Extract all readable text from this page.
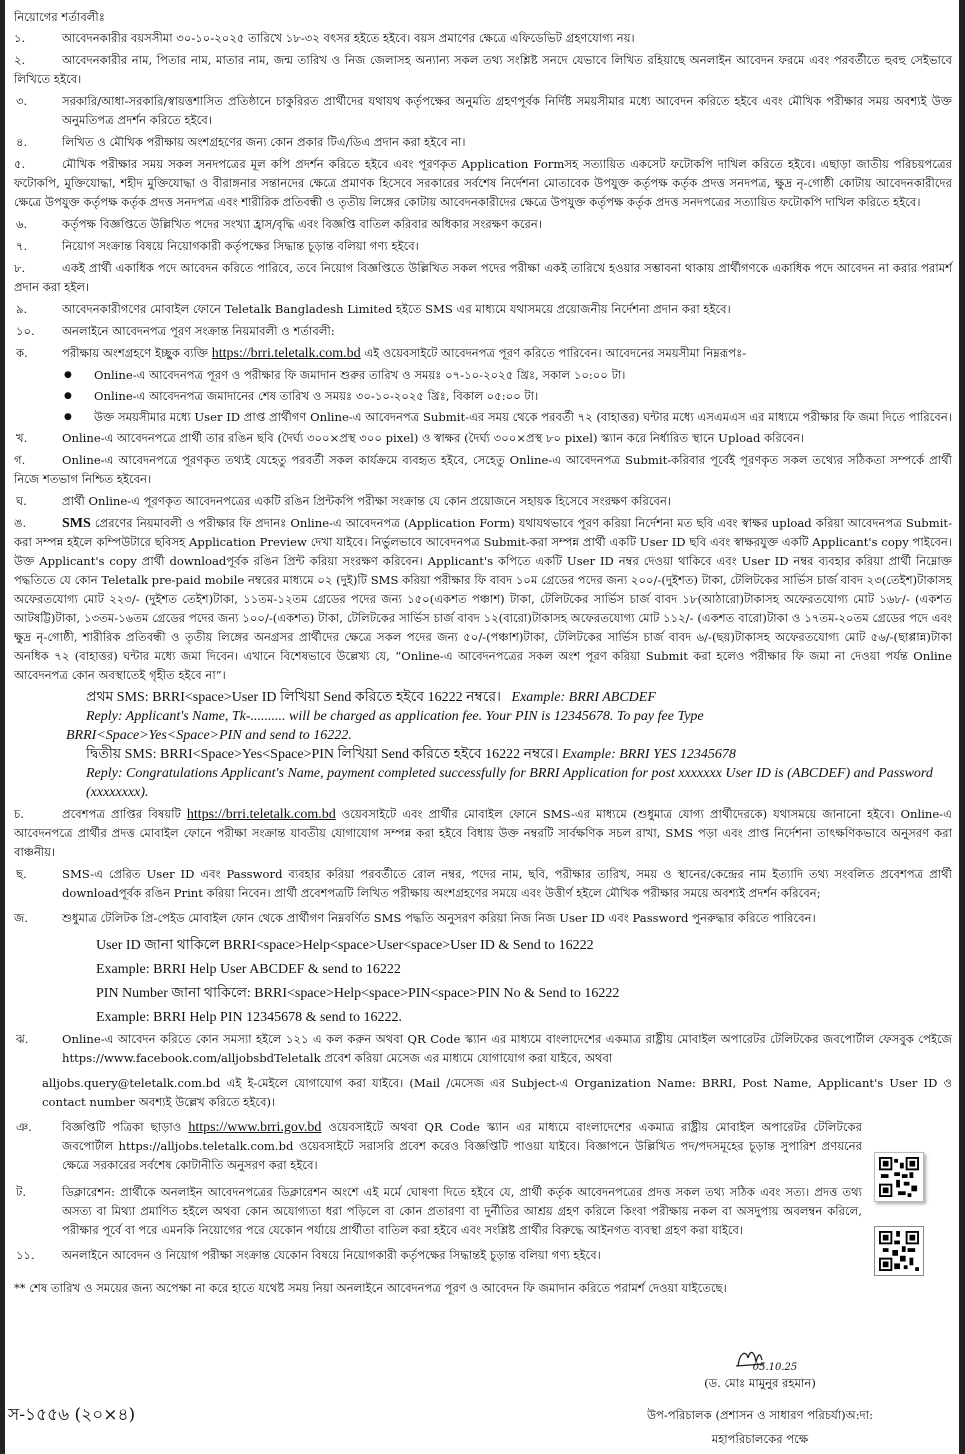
নিয়োগের শর্তাবলীঃ
১.	আবেদনকারীর বয়সসীমা ৩০-১০-২০২৫ তারিখে ১৮-৩২ বৎসর হইতে হইবে। বয়স প্রমাণের ক্ষেত্রে এফিডেভিট গ্রহণযোগ্য নয়।
২.	আবেদনকারীর নাম, পিতার নাম, মাতার নাম, জন্ম তারিখ ও নিজ জেলাসহ অন্যান্য সকল তথ্য সংশ্লিষ্ট সনদে যেভাবে লিখিত রহিয়াছে অনলাইন আবেদন ফরমে এবং পরবর্তীতে হুবহু সেইভাবে লিখিতে হইবে।
৩.	সরকারি/আধা-সরকারি/স্বায়ত্তশাসিত প্রতিষ্ঠানে চাকুরিরত প্রার্থীদের যথাযথ কর্তৃপক্ষের অনুমতি গ্রহণপূর্বক নির্দিষ্ট সময়সীমার মধ্যে আবেদন করিতে হইবে এবং মৌখিক পরীক্ষার সময় অবশ্যই উক্ত অনুমতিপত্র প্রদর্শন করিতে হইবে।
৪.	লিখিত ও মৌখিক পরীক্ষায় অংশগ্রহণের জন্য কোন প্রকার টিএ/ডিএ প্রদান করা হইবে না।
৫.	মৌখিক পরীক্ষার সময় সকল সনদপত্রের মূল কপি প্রদর্শন করিতে হইবে এবং পূরণকৃত Application Formসহ সত্যায়িত একসেট ফটোকপি দাখিল করিতে হইবে। এছাড়া জাতীয় পরিচয়পত্রের ফটোকপি, মুক্তিযোদ্ধা, শহীদ মুক্তিযোদ্ধা ও বীরাঙ্গনার সন্তানদের ক্ষেত্রে প্রমাণক হিসেবে সরকারের সর্বশেষ নির্দেশনা মোতাবেক উপযুক্ত কর্তৃপক্ষ কর্তৃক প্রদত্ত সনদপত্র, ক্ষুদ্র নৃ-গোষ্ঠী কোটায় আবেদনকারীদের ক্ষেত্রে উপযুক্ত কর্তৃপক্ষ কর্তৃক প্রদত্ত সনদপত্র এবং শারীরিক প্রতিবন্ধী ও তৃতীয় লিঙ্গের কোটায় আবেদনকারীদের ক্ষেত্রে উপযুক্ত কর্তৃপক্ষ কর্তৃক প্রদত্ত সনদপত্রের সত্যায়িত ফটোকপি দাখিল করিতে হইবে।
৬.	কর্তৃপক্ষ বিজ্ঞপ্তিতে উল্লিখিত পদের সংখ্যা হ্রাস/বৃদ্ধি এবং বিজ্ঞপ্তি বাতিল করিবার অধিকার সংরক্ষণ করেন।
৭.	নিয়োগ সংক্রান্ত বিষয়ে নিয়োগকারী কর্তৃপক্ষের সিদ্ধান্ত চূড়ান্ত বলিয়া গণ্য হইবে।
৮.	একই প্রার্থী একাধিক পদে আবেদন করিতে পারিবে, তবে নিয়োগ বিজ্ঞপ্তিতে উল্লিখিত সকল পদের পরীক্ষা একই তারিখে হওয়ার সম্ভাবনা থাকায় প্রার্থীগণকে একাধিক পদে আবেদন না করার পরামর্শ প্রদান করা হইল।
৯.	আবেদনকারীগণের মোবাইল ফোনে Teletalk Bangladesh Limited হইতে SMS এর মাধ্যমে যথাসময়ে প্রয়োজনীয় নির্দেশনা প্রদান করা হইবে।
১০. অনলাইনে আবেদনপত্র পূরণ সংক্রান্ত নিয়মাবলী ও শর্তাবলী:
ক.	পরীক্ষায় অংশগ্রহণে ইচ্ছুক ব্যক্তি https://brri.teletalk.com.bd এই ওয়েবসাইটে আবেদনপত্র পূরণ করিতে পারিবেন। আবেদনের সময়সীমা নিম্নরূপঃ-
● Online-এ আবেদনপত্র পূরণ ও পরীক্ষার ফি জমাদান শুরুর তারিখ ও সময়ঃ ০৭-১০-২০২৫ খ্রিঃ, সকাল ১০:০০ টা।
● Online-এ আবেদনপত্র জমাদানের শেষ তারিখ ও সময়ঃ ৩০-১০-২০২৫ খ্রিঃ, বিকাল ০৫:০০ টা।
● উক্ত সময়সীমার মধ্যে User ID প্রাপ্ত প্রার্থীগণ Online-এ আবেদনপত্র Submit-এর সময় থেকে পরবর্তী ৭২ (বাহাত্তর) ঘন্টার মধ্যে এসএমএস এর মাধ্যমে পরীক্ষার ফি জমা দিতে পারিবেন।
খ.	Online-এ আবেদনপত্রে প্রার্থী তার রঙিন ছবি (দৈর্ঘ্য ৩০০×প্রস্থ ৩০০ pixel) ও স্বাক্ষর (দৈর্ঘ্য ৩০০×প্রস্থ ৮০ pixel) স্ক্যান করে নির্ধারিত স্থানে Upload করিবেন।
গ.	Online-এ আবেদনপত্রে পূরণকৃত তথ্যই যেহেতু পরবর্তী সকল কার্যক্রমে ব্যবহৃত হইবে, সেহেতু Online-এ আবেদনপত্র Submit-করিবার পূর্বেই পূরণকৃত সকল তথ্যের সঠিকতা সম্পর্কে প্রার্থী নিজে শতভাগ নিশ্চিত হইবেন।
ঘ.	প্রার্থী Online-এ পূরণকৃত আবেদনপত্রের একটি রঙিন প্রিন্টকপি পরীক্ষা সংক্রান্ত যে কোন প্রয়োজনে সহায়ক হিসেবে সংরক্ষণ করিবেন।
ঙ.	SMS প্রেরণের নিয়মাবলী ও পরীক্ষার ফি প্রদানঃ Online-এ আবেদনপত্র (Application Form) যথাযথভাবে পূরণ করিয়া নির্দেশনা মত ছবি এবং স্বাক্ষর upload করিয়া আবেদনপত্র Submit-করা সম্পন্ন হইলে কম্পিউটারে ছবিসহ Application Preview দেখা যাইবে। নির্ভুলভাবে আবেদনপত্র Submit-করা সম্পন্ন প্রার্থী একটি User ID ছবি এবং স্বাক্ষরযুক্ত একটি Applicant's copy পাইবেন। উক্ত Applicant's copy প্রার্থী downloadপূর্বক রঙিন প্রিন্ট করিয়া সংরক্ষণ করিবেন। Applicant's কপিতে একটি User ID নম্বর দেওয়া থাকিবে এবং User ID নম্বর ব্যবহার করিয়া প্রার্থী নিম্নোক্ত পদ্ধতিতে যে কোন Teletalk pre-paid mobile নম্বরের মাধ্যমে ০২ (দুই)টি SMS করিয়া পরীক্ষার ফি বাবদ ১০ম গ্রেডের পদের জন্য ২০০/-(দুইশত) টাকা, টেলিটকের সার্ভিস চার্জ বাবদ ২৩(তেইশ)টাকাসহ অফেরতযোগ্য মোট ২২৩/- (দুইশত তেইশ)টাকা, ১১তম-১২তম গ্রেডের পদের জন্য ১৫০(একশত পঞ্চাশ) টাকা, টেলিটকের সার্ভিস চার্জ বাবদ ১৮(আঠারো)টাকাসহ অফেরতযোগ্য মোট ১৬৮/- (একশত আটষট্টি)টাকা, ১৩তম-১৬তম গ্রেডের পদের জন্য ১০০/-(একশত) টাকা, টেলিটকের সার্ভিস চার্জ বাবদ ১২(বারো)টাকাসহ অফেরতযোগ্য মোট ১১২/- (একশত বারো)টাকা ও ১৭তম-২০তম গ্রেডের পদে এবং ক্ষুদ্র নৃ-গোষ্ঠী, শারীরিক প্রতিবন্ধী ও তৃতীয় লিঙ্গের অনগ্রসর প্রার্থীদের ক্ষেত্রে সকল পদের জন্য ৫০/-(পঞ্চাশ)টাকা, টেলিটকের সার্ভিস চার্জ বাবদ ৬/-(ছয়)টাকাসহ অফেরতযোগ্য মোট ৫৬/-(ছাপ্পান্ন)টাকা অনধিক ৭২ (বাহাত্তর) ঘন্টার মধ্যে জমা দিবেন। এখানে বিশেষভাবে উল্লেখ্য যে, “Online-এ আবেদনপত্রের সকল অংশ পূরণ করিয়া Submit করা হলেও পরীক্ষার ফি জমা না দেওয়া পর্যন্ত Online আবেদনপত্র কোন অবস্থাতেই গৃহীত হইবে না”।
প্রথম SMS: BRRI<space>User ID লিখিয়া Send করিতে হইবে 16222 নম্বরে। Example: BRRI ABCDEF
Reply: Applicant's Name, Tk-.......... will be charged as application fee. Your PIN is 12345678. To pay fee Type
BRRI<Space>Yes<Space>PIN and send to 16222.
দ্বিতীয় SMS: BRRI<Space>Yes<Space>PIN লিখিয়া Send করিতে হইবে 16222 নম্বরে। Example: BRRI YES 12345678
Reply: Congratulations Applicant's Name, payment completed successfully for BRRI Application for post xxxxxxx User ID is (ABCDEF) and Password (xxxxxxxx).
চ.	প্রবেশপত্র প্রাপ্তির বিষয়টি https://brri.teletalk.com.bd ওয়েবসাইটে এবং প্রার্থীর মোবাইল ফোনে SMS-এর মাধ্যমে (শুধুমাত্র যোগ্য প্রার্থীদেরকে) যথাসময়ে জানানো হইবে। Online-এ আবেদনপত্রে প্রার্থীর প্রদত্ত মোবাইল ফোনে পরীক্ষা সংক্রান্ত যাবতীয় যোগাযোগ সম্পন্ন করা হইবে বিধায় উক্ত নম্বরটি সার্বক্ষণিক সচল রাখা, SMS পড়া এবং প্রাপ্ত নির্দেশনা তাৎক্ষণিকভাবে অনুসরণ করা বাঞ্চনীয়।
ছ.	SMS-এ প্রেরিত User ID এবং Password ব্যবহার করিয়া পরবর্তীতে রোল নম্বর, পদের নাম, ছবি, পরীক্ষার তারিখ, সময় ও স্থানের/কেন্দ্রের নাম ইত্যাদি তথ্য সংবলিত প্রবেশপত্র প্রার্থী downloadপূর্বক রঙিন Print করিয়া নিবেন। প্রার্থী প্রবেশপত্রটি লিখিত পরীক্ষায় অংশগ্রহণের সময়ে এবং উত্তীর্ণ হইলে মৌখিক পরীক্ষার সময়ে অবশ্যই প্রদর্শন করিবেন;
জ.	শুধুমাত্র টেলিটক প্রি-পেইড মোবাইল ফোন থেকে প্রার্থীগণ নিম্নবর্ণিত SMS পদ্ধতি অনুসরণ করিয়া নিজ নিজ User ID এবং Password পুনরুদ্ধার করিতে পারিবেন।
User ID জানা থাকিলে BRRI<space>Help<space>User<space>User ID & Send to 16222
Example: BRRI Help User ABCDEF & send to 16222
PIN Number জানা থাকিলে: BRRI<space>Help<space>PIN<space>PIN No & Send to 16222
Example: BRRI Help PIN 12345678 & send to 16222.
ঝ.	Online-এ আবেদন করিতে কোন সমস্যা হইলে ১২১ এ কল করুন অথবা QR Code স্ক্যান এর মাধ্যমে বাংলাদেশের একমাত্র রাষ্ট্রীয় মোবাইল অপারেটর টেলিটকের জবপোর্টাল ফেসবুক পেইজে https://www.facebook.com/alljobsbdTeletalk প্রবেশ করিয়া মেসেজ এর মাধ্যমে যোগাযোগ করা যাইবে, অথবা
alljobs.query@teletalk.com.bd এই ই-মেইলে যোগাযোগ করা যাইবে। (Mail /মেসেজ এর Subject-এ Organization Name: BRRI, Post Name, Applicant's User ID ও contact number অবশ্যই উল্লেখ করিতে হইবে)।
ঞ.	বিজ্ঞপ্তিটি পত্রিকা ছাড়াও https://www.brri.gov.bd ওয়েবসাইটে অথবা QR Code স্ক্যান এর মাধ্যমে বাংলাদেশের একমাত্র রাষ্ট্রীয় মোবাইল অপারেটর টেলিটকের জবপোর্টাল https://alljobs.teletalk.com.bd ওয়েবসাইটে সরাসরি প্রবেশ করেও বিজ্ঞপ্তিটি পাওয়া যাইবে। বিজ্ঞাপনে উল্লিখিত পদ/পদসমূহের চূড়ান্ত সুপারিশ প্রণয়নের ক্ষেত্রে সরকারের সর্বশেষ কোটানীতি অনুসরণ করা হইবে।
ট.	ডিক্লারেশন: প্রার্থীকে অনলাইন আবেদনপত্রের ডিক্লারেশন অংশে এই মর্মে ঘোষণা দিতে হইবে যে, প্রার্থী কর্তৃক আবেদনপত্রের প্রদত্ত সকল তথ্য সঠিক এবং সত্য। প্রদত্ত তথ্য অসত্য বা মিথ্যা প্রমাণিত হইলে অথবা কোন অযোগ্যতা ধরা পড়িলে বা কোন প্রতারণা বা দুর্নীতির আশ্রয় গ্রহণ করিলে কিংবা পরীক্ষায় নকল বা অসদুপায় অবলম্বন করিলে, পরীক্ষার পূর্বে বা পরে এমনকি নিয়োগের পরে যেকোন পর্যায়ে প্রার্থীতা বাতিল করা হইবে এবং সংশ্লিষ্ট প্রার্থীর বিরুদ্ধে আইনগত ব্যবস্থা গ্রহণ করা যাইবে।
১১. অনলাইনে আবেদন ও নিয়োগ পরীক্ষা সংক্রান্ত যেকোন বিষয়ে নিয়োগকারী কর্তৃপক্ষের সিদ্ধান্তই চূড়ান্ত বলিয়া গণ্য হইবে।
** শেষ তারিখ ও সময়ের জন্য অপেক্ষা না করে হাতে যথেষ্ট সময় নিয়া অনলাইনে আবেদনপত্র পূরণ ও আবেদন ফি জমাদান করিতে পরামর্শ দেওয়া যাইতেছে।
05.10.25
(ড. মোঃ মামুনুর রহমান)
উপ-পরিচালক (প্রশাসন ও সাধারণ পরিচর্যা)অ:দা:
মহাপরিচালকের পক্ষে
স-১৫৫৬ (২০×৪)
